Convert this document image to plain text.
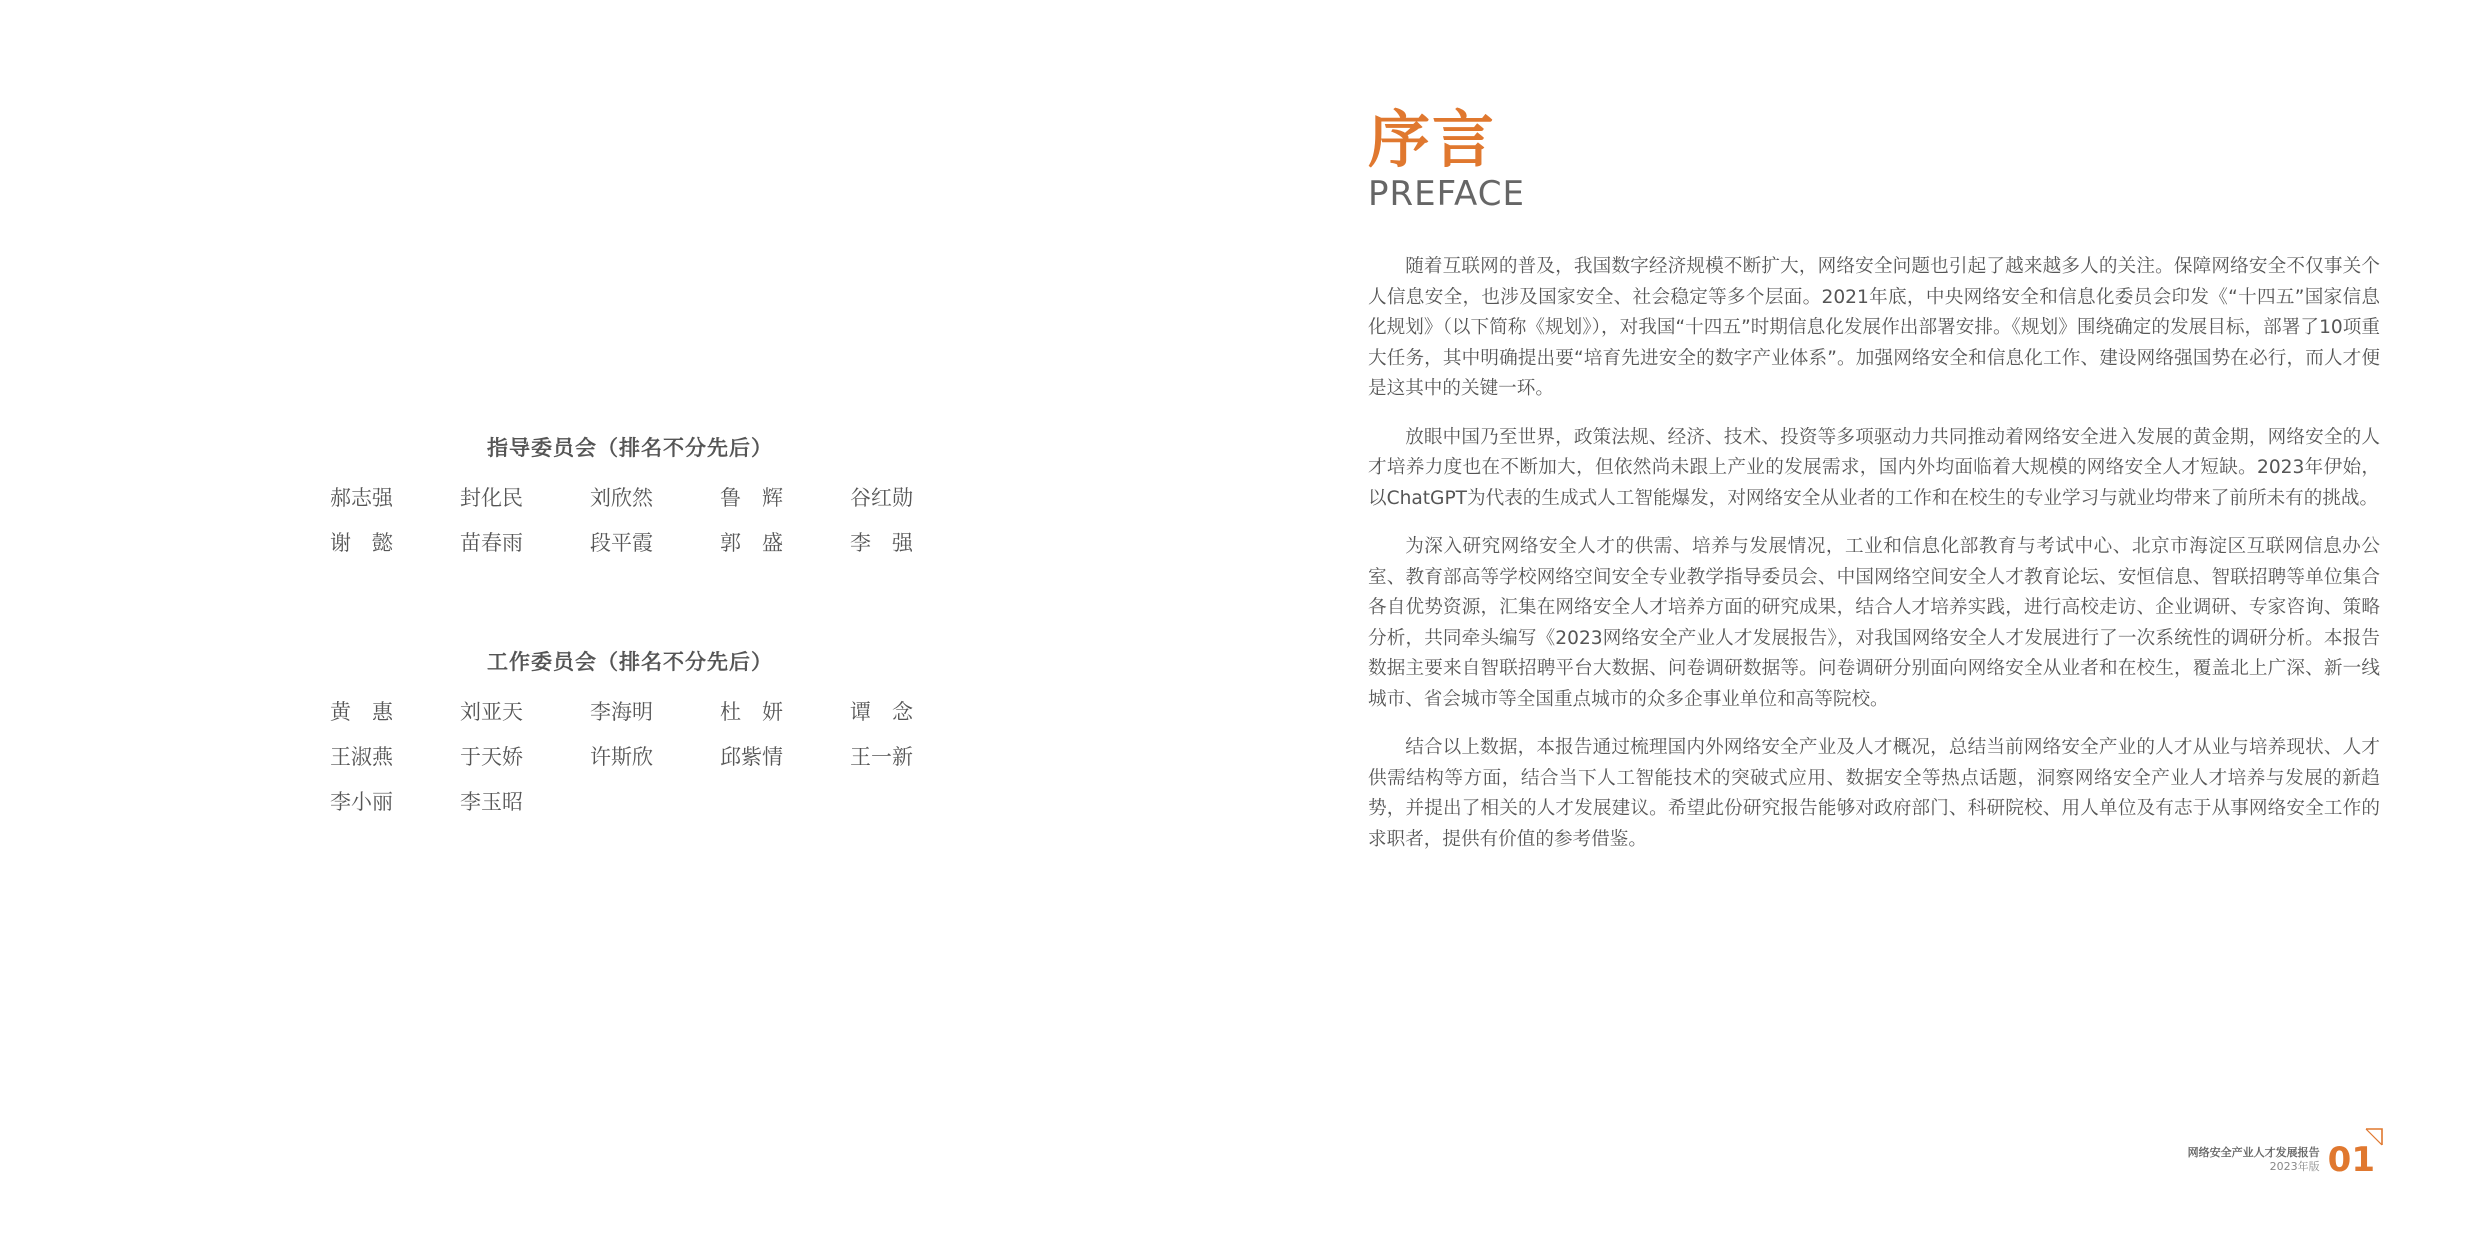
指导委员会（排名不分先后）
郝志强	封化民	刘欣然	鲁　辉	谷红勋
谢　懿	苗春雨	段平霞	郭　盛	李　强
工作委员会（排名不分先后）
黄　惠	刘亚天	李海明	杜　妍	谭　念
王淑燕	于天娇	许斯欣	邱紫情	王一新
李小丽	李玉昭
序言
PREFACE

随着互联网的普及，我国数字经济规模不断扩大，网络安全问题也引起了越来越多人的关注。保障网络安全不仅事关个人信息安全，也涉及国家安全、社会稳定等多个层面。2021年底，中央网络安全和信息化委员会印发《“十四五”国家信息化规划》（以下简称《规划》），对我国“十四五”时期信息化发展作出部署安排。《规划》围绕确定的发展目标，部署了10项重大任务，其中明确提出要“培育先进安全的数字产业体系”。加强网络安全和信息化工作、建设网络强国势在必行，而人才便是这其中的关键一环。

放眼中国乃至世界，政策法规、经济、技术、投资等多项驱动力共同推动着网络安全进入发展的黄金期，网络安全的人才培养力度也在不断加大，但依然尚未跟上产业的发展需求，国内外均面临着大规模的网络安全人才短缺。2023年伊始，以ChatGPT为代表的生成式人工智能爆发，对网络安全从业者的工作和在校生的专业学习与就业均带来了前所未有的挑战。

为深入研究网络安全人才的供需、培养与发展情况，工业和信息化部教育与考试中心、北京市海淀区互联网信息办公室、教育部高等学校网络空间安全专业教学指导委员会、中国网络空间安全人才教育论坛、安恒信息、智联招聘等单位集合各自优势资源，汇集在网络安全人才培养方面的研究成果，结合人才培养实践，进行高校走访、企业调研、专家咨询、策略分析，共同牵头编写《2023网络安全产业人才发展报告》，对我国网络安全人才发展进行了一次系统性的调研分析。本报告数据主要来自智联招聘平台大数据、问卷调研数据等。问卷调研分别面向网络安全从业者和在校生，覆盖北上广深、新一线城市、省会城市等全国重点城市的众多企事业单位和高等院校。

结合以上数据，本报告通过梳理国内外网络安全产业及人才概况，总结当前网络安全产业的人才从业与培养现状、人才供需结构等方面，结合当下人工智能技术的突破式应用、数据安全等热点话题，洞察网络安全产业人才培养与发展的新趋势，并提出了相关的人才发展建议。希望此份研究报告能够对政府部门、科研院校、用人单位及有志于从事网络安全工作的求职者，提供有价值的参考借鉴。

网络安全产业人才发展报告
2023年版 01
